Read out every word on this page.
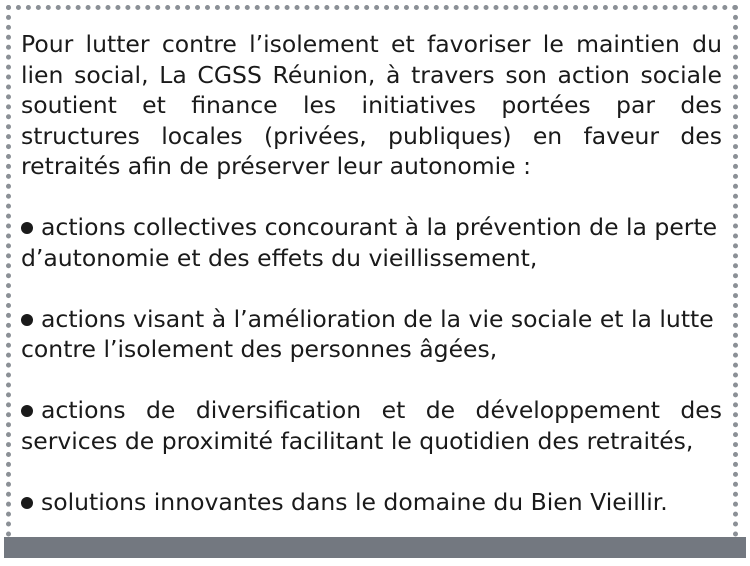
Pour lutter contre l’isolement et favoriser le maintien du lien social, La CGSS Réunion, à travers son action sociale soutient et finance les initiatives portées par des structures locales (privées, publiques) en faveur des retraités afin de préserver leur autonomie :

actions collectives concourant à la prévention de la perte d’autonomie et des effets du vieillissement,

actions visant à l’amélioration de la vie sociale et la lutte contre l’isolement des personnes âgées,

actions de diversification et de développement des services de proximité facilitant le quotidien des retraités,

solutions innovantes dans le domaine du Bien Vieillir.
